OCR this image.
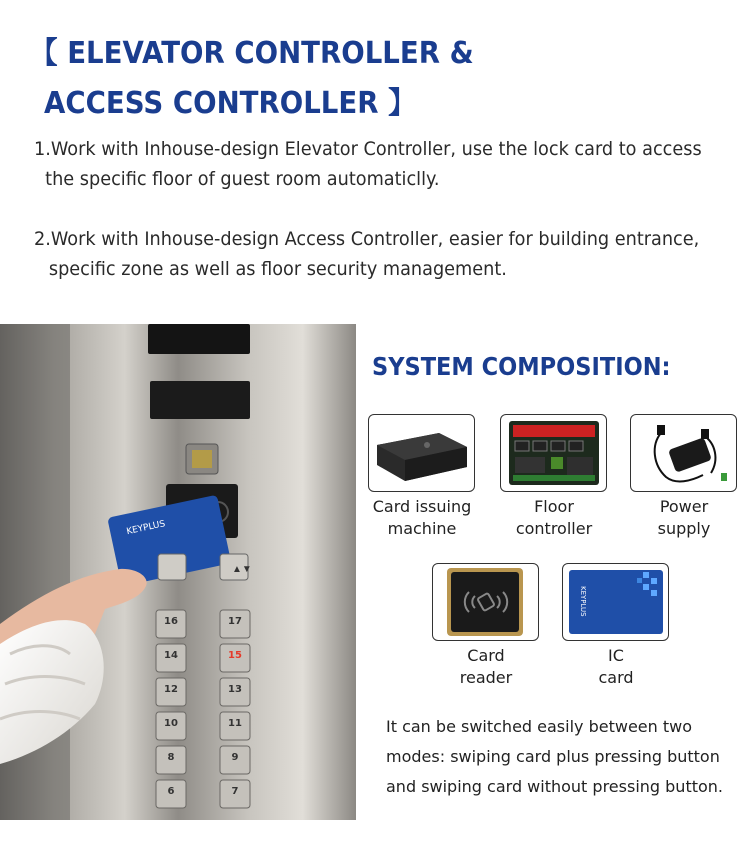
【 ELEVATOR CONTROLLER &
ACCESS CONTROLLER 】
1.Work with Inhouse-design Elevator Controller, use the lock card to access
the specific floor of guest room automaticlly.
2.Work with Inhouse-design Access Controller, easier for building entrance,
specific zone as well as floor security management.
KEYPLUS
▲▼
16
14
12
10
8
6
17
15
13
11
9
7
SYSTEM COMPOSITION:
Card issuing
machine
Floor
controller
Power
supply
Card
reader
KEYPLUS
IC
card
It can be switched easily between two
modes: swiping card plus pressing button
and swiping card without pressing button.
